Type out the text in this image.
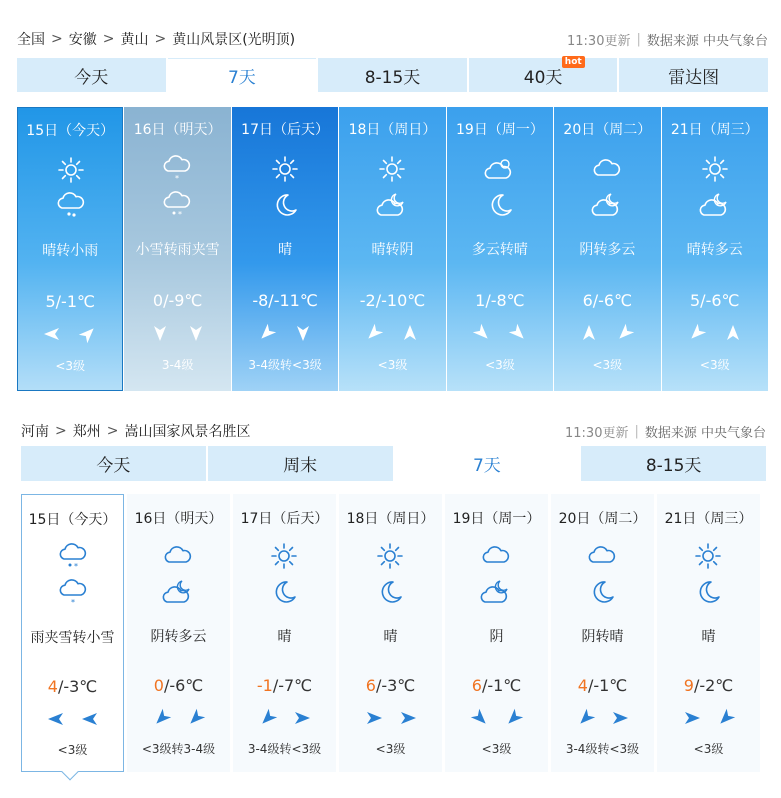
全国 > 安徽 > 黄山 > 黄山风景区(光明顶)	11:30更新 | 数据来源 中央气象台
今天	7天	8-15天	40天
hot
雷达图
15日（今天）
晴转小雨
5/-1℃
<3级
16日（明天）
*
*
小雪转雨夹雪
0/-9℃
3-4级
17日（后天）
晴
-8/-11℃
3-4级转<3级
18日（周日）
晴转阴
-2/-10℃
<3级
19日（周一）
多云转晴
1/-8℃
<3级
20日（周二）
阴转多云
6/-6℃
<3级
21日（周三）
晴转多云
5/-6℃
<3级
河南 > 郑州 > 嵩山国家风景名胜区	11:30更新 | 数据来源 中央气象台
今天	周末	7天	8-15天
15日（今天）
*
*
雨夹雪转小雪
4/-3℃
<3级
16日（明天）
阴转多云
0/-6℃
<3级转3-4级
17日（后天）
晴
-1/-7℃
3-4级转<3级
18日（周日）
晴
6/-3℃
<3级
19日（周一）
阴
6/-1℃
<3级
20日（周二）
阴转晴
4/-1℃
3-4级转<3级
21日（周三）
晴
9/-2℃
<3级
